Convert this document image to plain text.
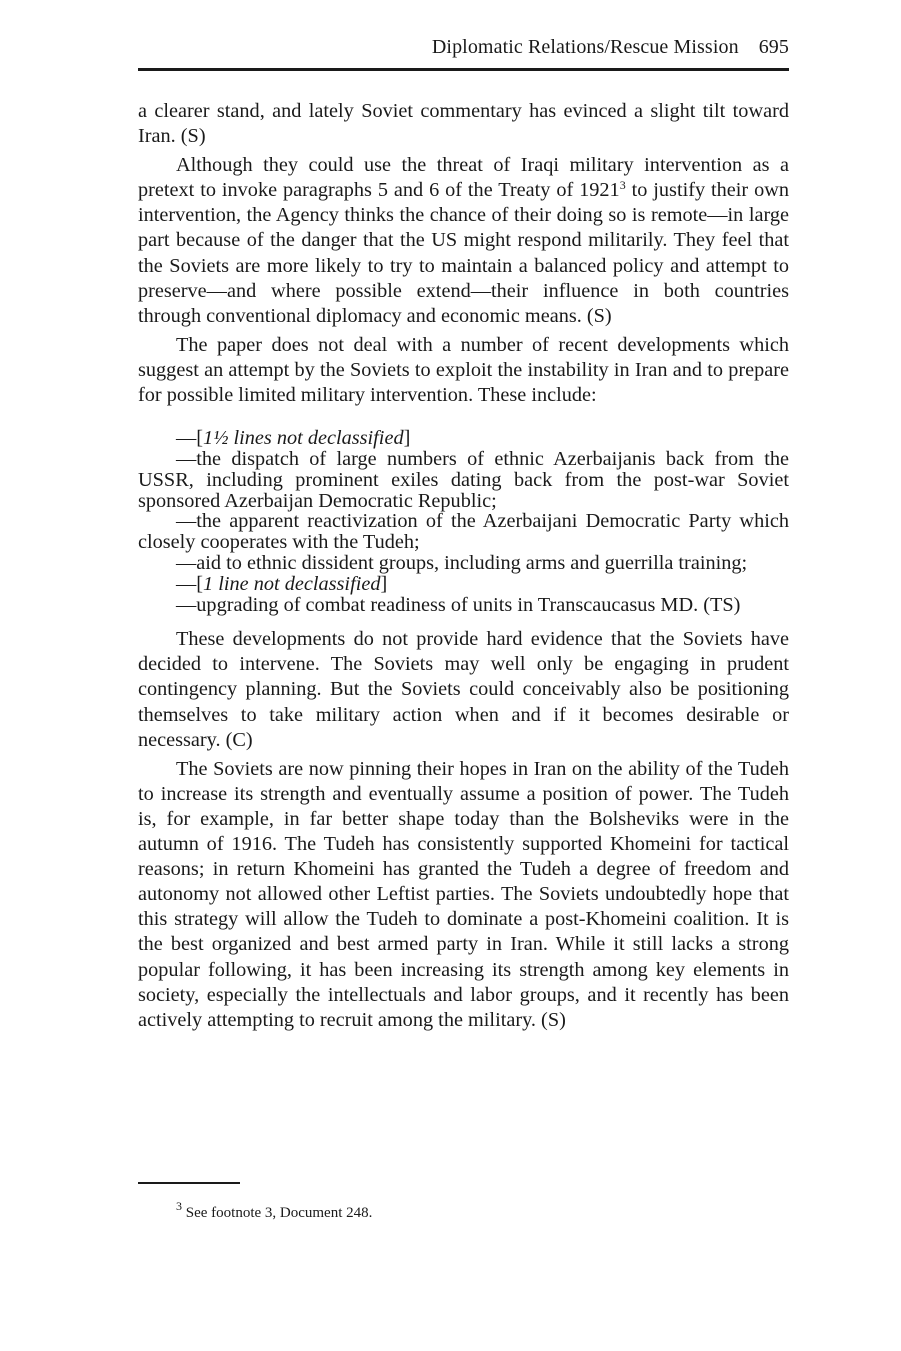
Diplomatic Relations/Rescue Mission 695

a clearer stand, and lately Soviet commentary has evinced a slight tilt toward Iran. (S)

Although they could use the threat of Iraqi military intervention as a pretext to invoke paragraphs 5 and 6 of the Treaty of 1921$^3$ to justify their own intervention, the Agency thinks the chance of their doing so is remote—in large part because of the danger that the US might respond militarily. They feel that the Soviets are more likely to try to maintain a balanced policy and attempt to preserve—and where possible extend—their influence in both countries through conventional diplomacy and economic means. (S)

The paper does not deal with a number of recent developments which suggest an attempt by the Soviets to exploit the instability in Iran and to prepare for possible limited military intervention. These include:

—[1½ lines not declassified]

—the dispatch of large numbers of ethnic Azerbaijanis back from the USSR, including prominent exiles dating back from the post-war Soviet sponsored Azerbaijan Democratic Republic;

—the apparent reactivization of the Azerbaijani Democratic Party which closely cooperates with the Tudeh;

—aid to ethnic dissident groups, including arms and guerrilla training;

—[1 line not declassified]

—upgrading of combat readiness of units in Transcaucasus MD. (TS)

These developments do not provide hard evidence that the Soviets have decided to intervene. The Soviets may well only be engaging in prudent contingency planning. But the Soviets could conceivably also be positioning themselves to take military action when and if it becomes desirable or necessary. (C)

The Soviets are now pinning their hopes in Iran on the ability of the Tudeh to increase its strength and eventually assume a position of power. The Tudeh is, for example, in far better shape today than the Bolsheviks were in the autumn of 1916. The Tudeh has consistently supported Khomeini for tactical reasons; in return Khomeini has granted the Tudeh a degree of freedom and autonomy not allowed other Leftist parties. The Soviets undoubtedly hope that this strategy will allow the Tudeh to dominate a post-Khomeini coalition. It is the best organized and best armed party in Iran. While it still lacks a strong popular following, it has been increasing its strength among key elements in society, especially the intellectuals and labor groups, and it recently has been actively attempting to recruit among the military. (S)

$^3$ See footnote 3, Document 248.
